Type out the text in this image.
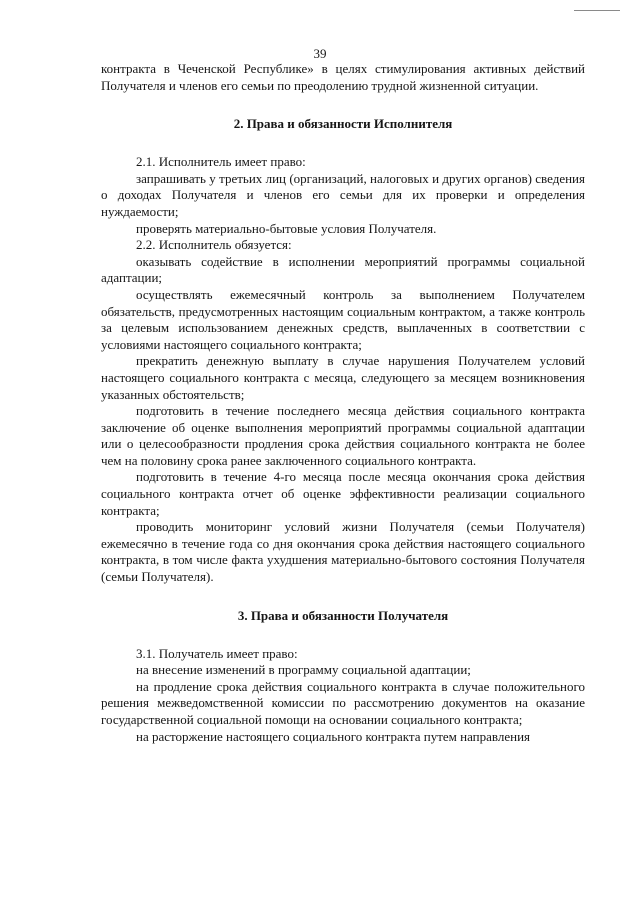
39

контракта в Чеченской Республике» в целях стимулирования активных действий Получателя и членов его семьи по преодолению трудной жизненной ситуации.

2. Права и обязанности Исполнителя

2.1. Исполнитель имеет право:

запрашивать у третьих лиц (организаций, налоговых и других органов) сведения о доходах Получателя и членов его семьи для их проверки и определения нуждаемости;

проверять материально-бытовые условия Получателя.

2.2. Исполнитель обязуется:

оказывать содействие в исполнении мероприятий программы социальной адаптации;

осуществлять ежемесячный контроль за выполнением Получателем обязательств, предусмотренных настоящим социальным контрактом, а также контроль за целевым использованием денежных средств, выплаченных в соответствии с условиями настоящего социального контракта;

прекратить денежную выплату в случае нарушения Получателем условий настоящего социального контракта с месяца, следующего за месяцем возникновения указанных обстоятельств;

подготовить в течение последнего месяца действия социального контракта заключение об оценке выполнения мероприятий программы социальной адаптации или о целесообразности продления срока действия социального контракта не более чем на половину срока ранее заключенного социального контракта.

подготовить в течение 4-го месяца после месяца окончания срока действия социального контракта отчет об оценке эффективности реализации социального контракта;

проводить мониторинг условий жизни Получателя (семьи Получателя) ежемесячно в течение года со дня окончания срока действия настоящего социального контракта, в том числе факта ухудшения материально-бытового состояния Получателя (семьи Получателя).

3. Права и обязанности Получателя

3.1. Получатель имеет право:

на внесение изменений в программу социальной адаптации;

на продление срока действия социального контракта в случае положительного решения межведомственной комиссии по рассмотрению документов на оказание государственной социальной помощи на основании социального контракта;

на расторжение настоящего социального контракта путем направления
